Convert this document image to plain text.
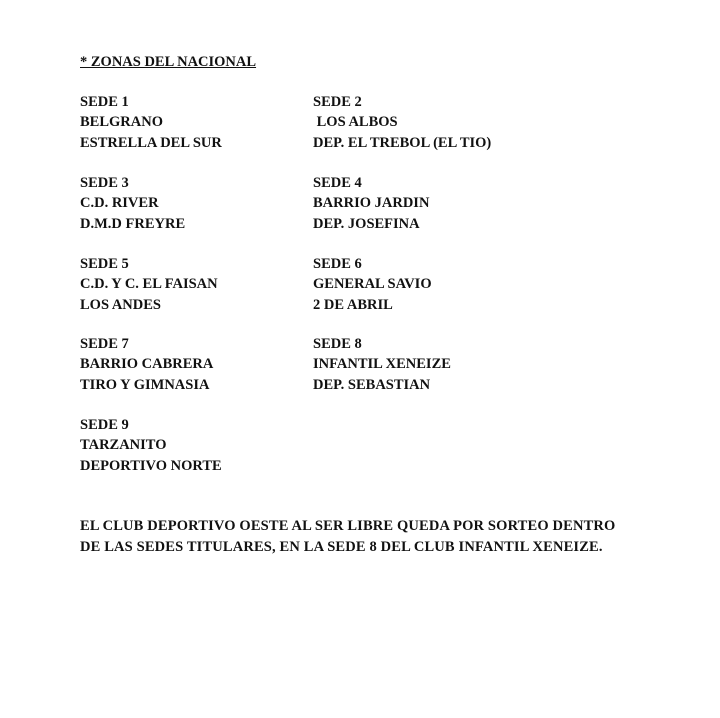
* ZONAS DEL NACIONAL
SEDE 1
BELGRANO
ESTRELLA DEL SUR
SEDE 2
LOS ALBOS
DEP. EL TREBOL (EL TIO)
SEDE 3
C.D. RIVER
D.M.D FREYRE
SEDE 4
BARRIO JARDIN
DEP. JOSEFINA
SEDE 5
C.D. Y C. EL FAISAN
LOS ANDES
SEDE 6
GENERAL SAVIO
2 DE ABRIL
SEDE 7
BARRIO CABRERA
TIRO Y GIMNASIA
SEDE 8
INFANTIL XENEIZE
DEP. SEBASTIAN
SEDE 9
TARZANITO
DEPORTIVO NORTE
EL CLUB DEPORTIVO OESTE AL SER LIBRE QUEDA POR SORTEO DENTRO
DE LAS SEDES TITULARES, EN LA SEDE 8 DEL CLUB INFANTIL XENEIZE.
